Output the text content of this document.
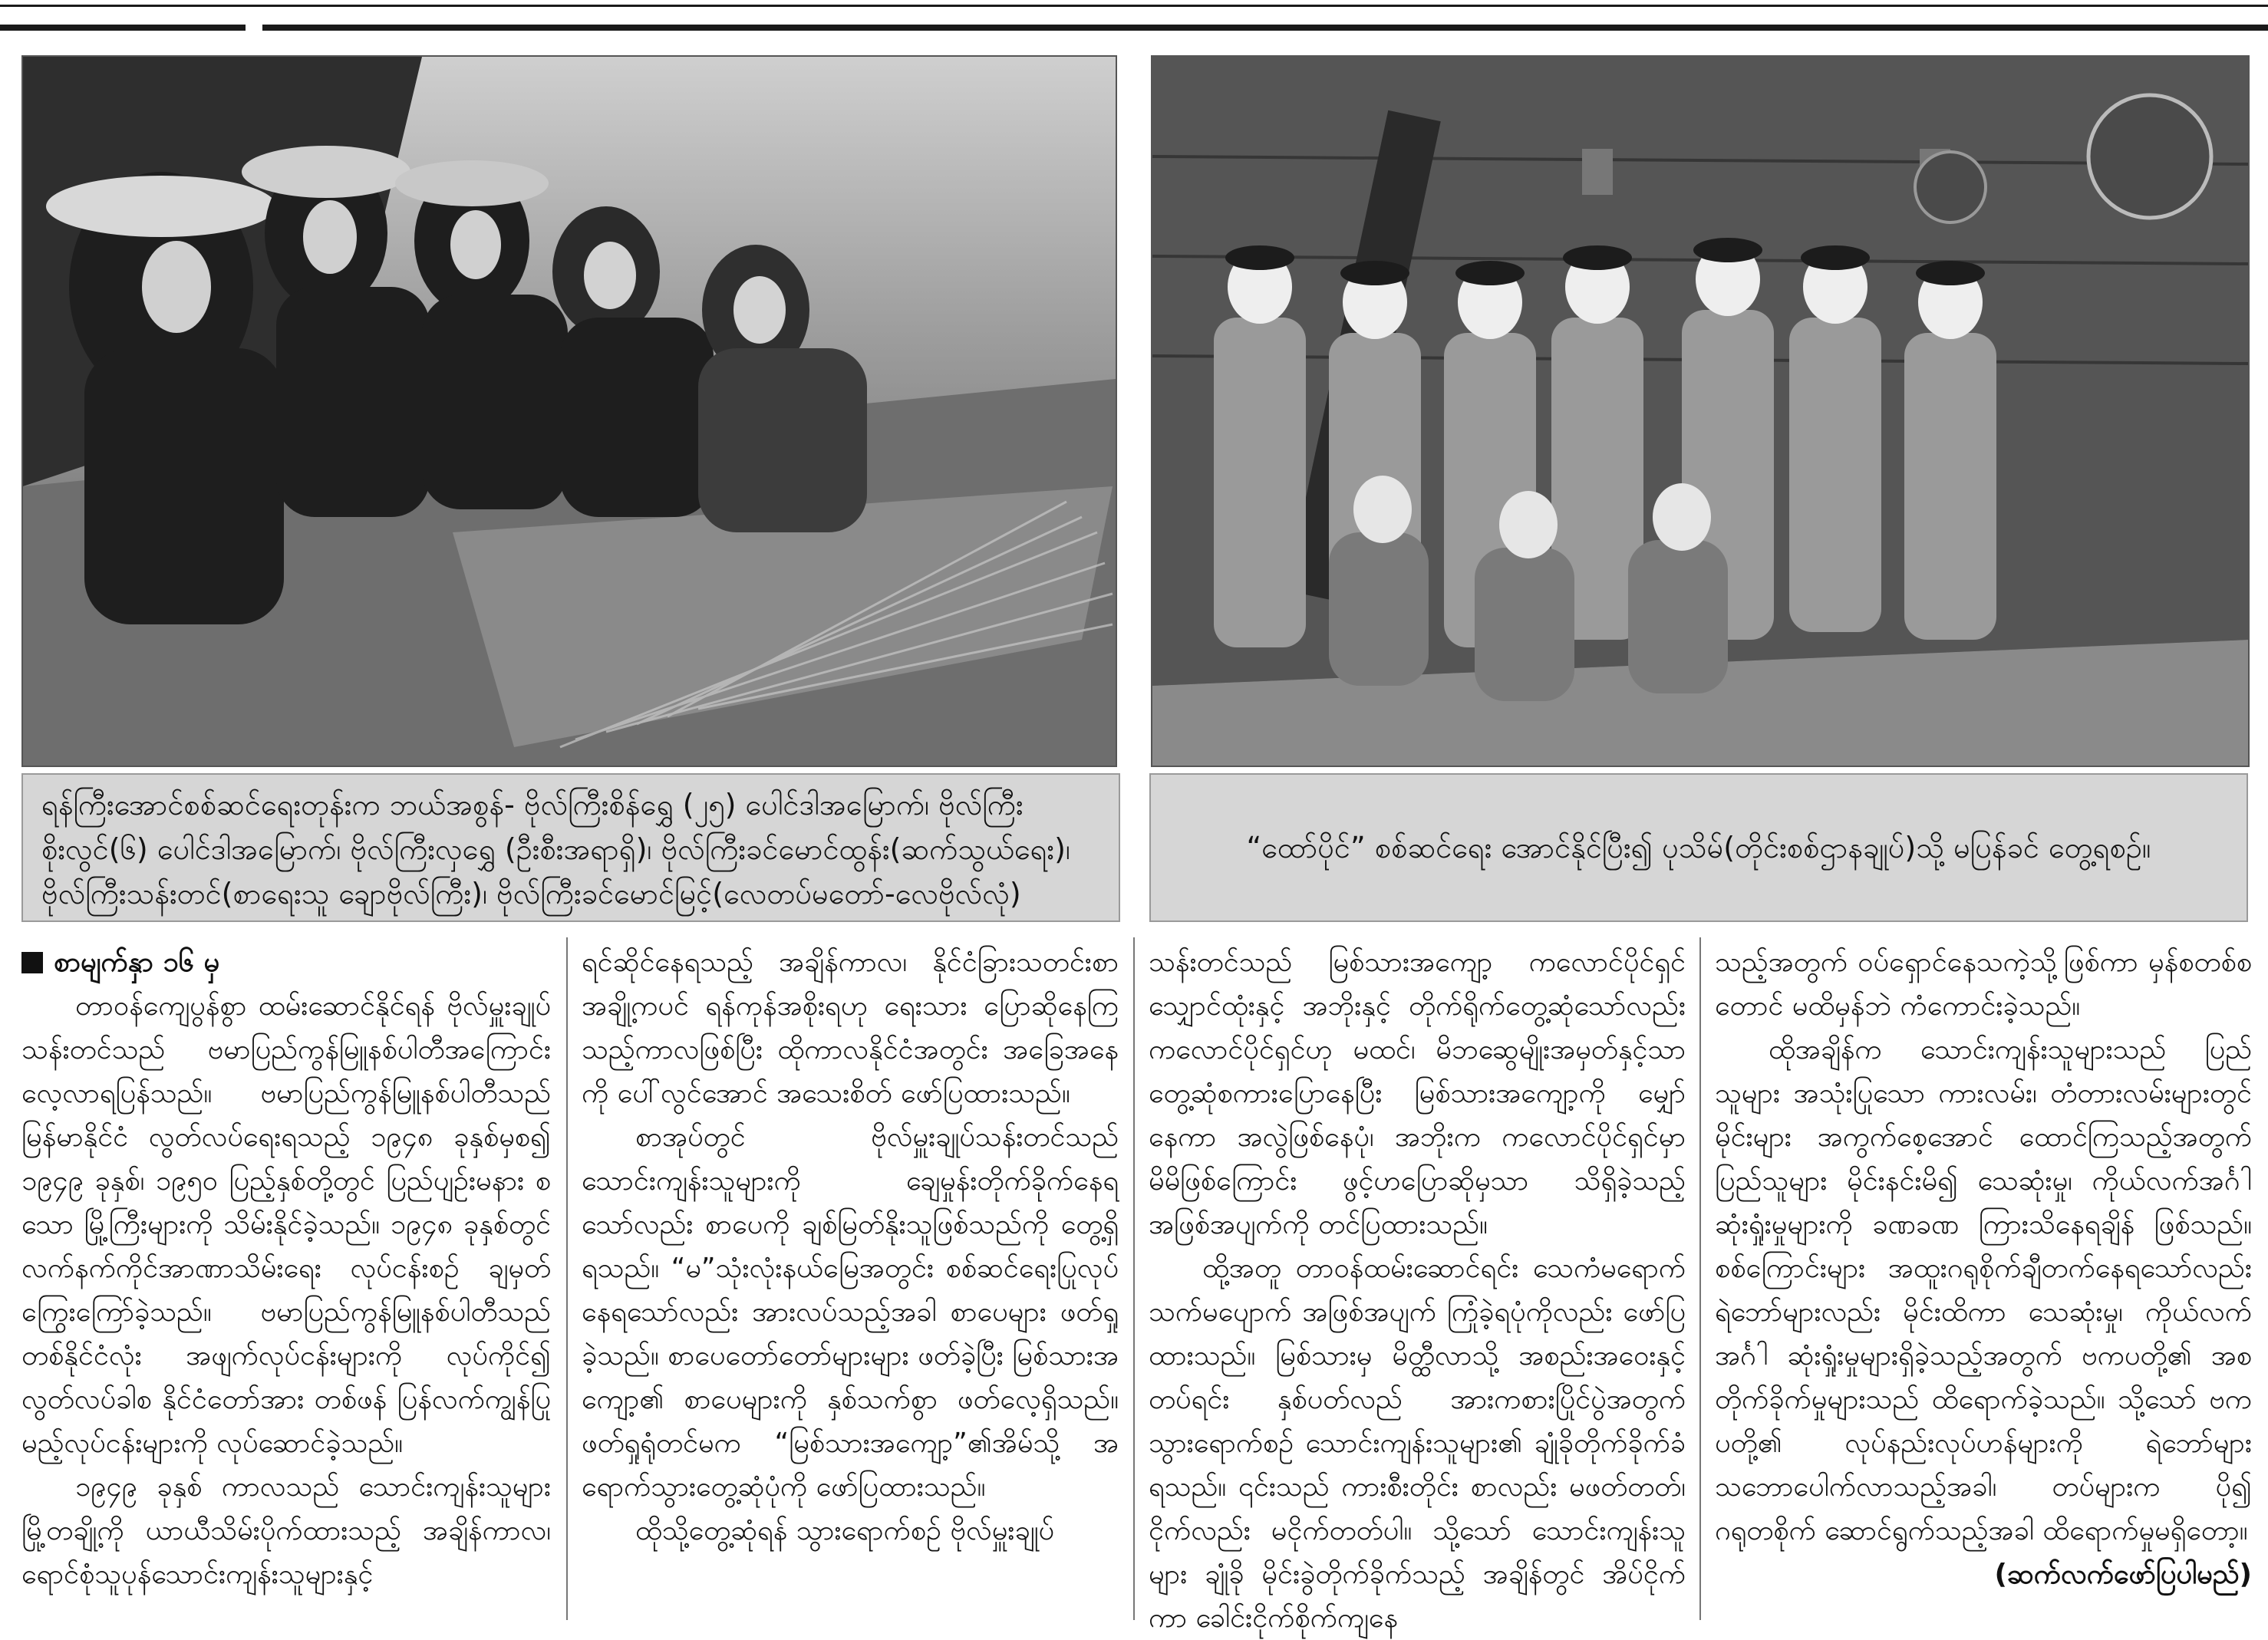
ရန်ကြီးအောင်စစ်ဆင်ရေးတုန်းက ဘယ်အစွန်- ဗိုလ်ကြီးစိန်ရွှေ (၂၅) ပေါင်ဒါအမြောက်၊ ဗိုလ်ကြီး
စိုးလွင်(၆) ပေါင်ဒါအမြောက်၊ ဗိုလ်ကြီးလှရွှေ (ဦးစီးအရာရှိ)၊ ဗိုလ်ကြီးခင်မောင်ထွန်း(ဆက်သွယ်ရေး)၊
ဗိုလ်ကြီးသန်းတင်(စာရေးသူ ချောဗိုလ်ကြီး)၊ ဗိုလ်ကြီးခင်မောင်မြင့်(လေတပ်မတော်-လေဗိုလ်လုံ)
“ထော်ပိုင်” စစ်ဆင်ရေး အောင်နိုင်ပြီး၍ ပုသိမ်(တိုင်းစစ်ဌာနချုပ်)သို့ မပြန်ခင် တွေ့ရစဉ်။
စာမျက်နှာ ၁၆ မှ

တာဝန်ကျေပွန်စွာ ထမ်းဆောင်နိုင်ရန် ဗိုလ်မှူးချုပ်သန်းတင်သည် ဗမာပြည်ကွန်မြူနစ်ပါတီအကြောင်း လေ့လာရပြန်သည်။ ဗမာပြည်ကွန်မြူနစ်ပါတီသည် မြန်မာနိုင်ငံ လွတ်လပ်ရေးရသည့် ၁၉၄၈ ခုနှစ်မှစ၍ ၁၉၄၉ ခုနှစ်၊ ၁၉၅၀ ပြည့်နှစ်တို့တွင် ပြည်ပျဉ်းမနား စသော မြို့ကြီးများကို သိမ်းနိုင်ခဲ့သည်။ ၁၉၄၈ ခုနှစ်တွင် လက်နက်ကိုင်အာဏာသိမ်းရေး လုပ်ငန်းစဉ် ချမှတ်ကြွေးကြော်ခဲ့သည်။ ဗမာပြည်ကွန်မြူနစ်ပါတီသည် တစ်နိုင်ငံလုံး အဖျက်လုပ်ငန်းများကို လုပ်ကိုင်၍ လွတ်လပ်ခါစ နိုင်ငံတော်အား တစ်ဖန် ပြန်လက်ကျွန်ပြုမည့်လုပ်ငန်းများကို လုပ်ဆောင်ခဲ့သည်။

၁၉၄၉ ခုနှစ် ကာလသည် သောင်းကျန်းသူများ မြို့တချို့ကို ယာယီသိမ်းပိုက်ထားသည့် အချိန်ကာလ၊ ရောင်စုံသူပုန်သောင်းကျန်းသူများနှင့်

ရင်ဆိုင်နေရသည့် အချိန်ကာလ၊ နိုင်ငံခြားသတင်းစာအချို့ကပင် ရန်ကုန်အစိုးရဟု ရေးသား ပြောဆိုနေကြသည့်ကာလဖြစ်ပြီး ထိုကာလနိုင်ငံအတွင်း အခြေအနေကို ပေါ်လွင်အောင် အသေးစိတ် ဖော်ပြထားသည်။

စာအုပ်တွင် ဗိုလ်မှူးချုပ်သန်းတင်သည် သောင်းကျန်းသူများကို ချေမှုန်းတိုက်ခိုက်နေရသော်လည်း စာပေကို ချစ်မြတ်နိုးသူဖြစ်သည်ကို တွေ့ရှိရသည်။ “မ”သုံးလုံးနယ်မြေအတွင်း စစ်ဆင်ရေးပြုလုပ်နေရသော်လည်း အားလပ်သည့်အခါ စာပေများ ဖတ်ရှုခဲ့သည်။ စာပေတော်တော်များများ ဖတ်ခဲ့ပြီး မြစ်သားအကျော့၏ စာပေများကို နှစ်သက်စွာ ဖတ်လေ့ရှိသည်။ ဖတ်ရှုရုံတင်မက “မြစ်သားအကျော့”၏အိမ်သို့ အရောက်သွားတွေ့ဆုံပုံကို ဖော်ပြထားသည်။

ထိုသို့တွေ့ဆုံရန် သွားရောက်စဉ် ဗိုလ်မှူးချုပ်

သန်းတင်သည် မြစ်သားအကျော့ ကလောင်ပိုင်ရှင်သျှောင်ထုံးနှင့် အဘိုးနှင့် တိုက်ရိုက်တွေ့ဆုံသော်လည်း ကလောင်ပိုင်ရှင်ဟု မထင်၊ မိဘဆွေမျိုးအမှတ်နှင့်သာ တွေ့ဆုံစကားပြောနေပြီး မြစ်သားအကျော့ကို မျှော်နေကာ အလွဲဖြစ်နေပုံ၊ အဘိုးက ကလောင်ပိုင်ရှင်မှာ မိမိဖြစ်ကြောင်း ဖွင့်ဟပြောဆိုမှသာ သိရှိခဲ့သည့် အဖြစ်အပျက်ကို တင်ပြထားသည်။

ထို့အတူ တာဝန်ထမ်းဆောင်ရင်း သေကံမရောက် သက်မပျောက် အဖြစ်အပျက် ကြုံခဲ့ရပုံကိုလည်း ဖော်ပြထားသည်။ မြစ်သားမှ မိတ္ထီလာသို့ အစည်းအဝေးနှင့် တပ်ရင်း နှစ်ပတ်လည် အားကစားပြိုင်ပွဲအတွက် သွားရောက်စဉ် သောင်းကျန်းသူများ၏ ချုံခိုတိုက်ခိုက်ခံရသည်။ ၎င်းသည် ကားစီးတိုင်း စာလည်း မဖတ်တတ်၊ ငိုက်လည်း မငိုက်တတ်ပါ။ သို့သော် သောင်းကျန်းသူများ ချုံခို မိုင်းခွဲတိုက်ခိုက်သည့် အချိန်တွင် အိပ်ငိုက်ကာ ခေါင်းငိုက်စိုက်ကျနေ

သည့်အတွက် ဝပ်ရှောင်နေသကဲ့သို့ဖြစ်ကာ မှန်စတစ်စတောင် မထိမှန်ဘဲ ကံကောင်းခဲ့သည်။

ထိုအချိန်က သောင်းကျန်းသူများသည် ပြည်သူများ အသုံးပြုသော ကားလမ်း၊ တံတားလမ်းများတွင် မိုင်းများ အကွက်စေ့အောင် ထောင်ကြသည့်အတွက် ပြည်သူများ မိုင်းနင်းမိ၍ သေဆုံးမှု၊ ကိုယ်လက်အင်္ဂါ ဆုံးရှုံးမှုများကို ခဏခဏ ကြားသိနေရချိန် ဖြစ်သည်။ စစ်ကြောင်းများ အထူးဂရုစိုက်ချီတက်နေရသော်လည်း ရဲဘော်များလည်း မိုင်းထိကာ သေဆုံးမှု၊ ကိုယ်လက်အင်္ဂါ ဆုံးရှုံးမှုများရှိခဲ့သည့်အတွက် ဗကပတို့၏ အစတိုက်ခိုက်မှုများသည် ထိရောက်ခဲ့သည်။ သို့သော် ဗကပတို့၏ လုပ်နည်းလုပ်ဟန်များကို ရဲဘော်များ သဘောပေါက်လာသည့်အခါ၊ တပ်များက ပို၍ ဂရုတစိုက် ဆောင်ရွက်သည့်အခါ ထိရောက်မှုမရှိတော့။

(ဆက်လက်ဖော်ပြပါမည်)
